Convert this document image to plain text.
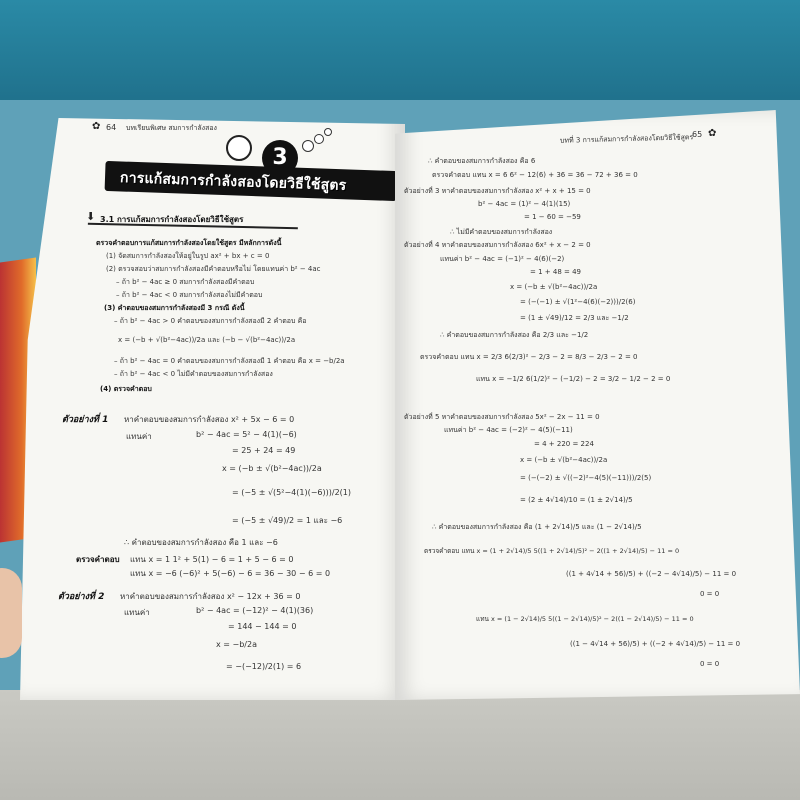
✿ 64 บทเรียนพิเศษ สมการกำลังสอง
3
การแก้สมการกำลังสองโดยวิธีใช้สูตร
⬇ 3.1 การแก้สมการกำลังสองโดยวิธีใช้สูตร
ตรวจคำตอบการแก้สมการกำลังสองโดยใช้สูตร มีหลักการดังนี้
(1) จัดสมการกำลังสองให้อยู่ในรูป ax² + bx + c = 0
(2) ตรวจสอบว่าสมการกำลังสองมีคำตอบหรือไม่ โดยแทนค่า b² − 4ac
– ถ้า b² − 4ac ≥ 0 สมการกำลังสองมีคำตอบ
– ถ้า b² − 4ac < 0 สมการกำลังสองไม่มีคำตอบ
(3) คำตอบของสมการกำลังสองมี 3 กรณี ดังนี้
– ถ้า b² − 4ac > 0 คำตอบของสมการกำลังสองมี 2 คำตอบ คือ
x = (−b + √(b²−4ac))/2a และ (−b − √(b²−4ac))/2a
– ถ้า b² − 4ac = 0 คำตอบของสมการกำลังสองมี 1 คำตอบ คือ x = −b/2a
– ถ้า b² − 4ac < 0 ไม่มีคำตอบของสมการกำลังสอง
(4) ตรวจคำตอบ
ตัวอย่างที่ 1 หาคำตอบของสมการกำลังสอง x² + 5x − 6 = 0
แทนค่า	b² − 4ac = 5² − 4(1)(−6)
= 25 + 24 = 49
x = (−b ± √(b²−4ac))/2a
= (−5 ± √(5²−4(1)(−6)))/2(1)
= (−5 ± √49)/2 = 1 และ −6
∴ คำตอบของสมการกำลังสอง คือ 1 และ −6
ตรวจคำตอบ แทน x = 1 1² + 5(1) − 6 = 1 + 5 − 6 = 0
แทน x = −6 (−6)² + 5(−6) − 6 = 36 − 30 − 6 = 0
ตัวอย่างที่ 2 หาคำตอบของสมการกำลังสอง x² − 12x + 36 = 0
แทนค่า	b² − 4ac = (−12)² − 4(1)(36)
= 144 − 144 = 0
x = −b/2a
= −(−12)/2(1) = 6
บทที่ 3 การแก้สมการกำลังสองโดยวิธีใช้สูตร
65 ✿
∴ คำตอบของสมการกำลังสอง คือ 6
ตรวจคำตอบ แทน x = 6 6² − 12(6) + 36 = 36 − 72 + 36 = 0
ตัวอย่างที่ 3 หาคำตอบของสมการกำลังสอง x² + x + 15 = 0
b² − 4ac = (1)² − 4(1)(15)
= 1 − 60 = −59
∴ ไม่มีคำตอบของสมการกำลังสอง
ตัวอย่างที่ 4 หาคำตอบของสมการกำลังสอง 6x² + x − 2 = 0
แทนค่า b² − 4ac = (−1)² − 4(6)(−2)
= 1 + 48 = 49
x = (−b ± √(b²−4ac))/2a
= (−(−1) ± √(1²−4(6)(−2)))/2(6)
= (1 ± √49)/12 = 2/3 และ −1/2
∴ คำตอบของสมการกำลังสอง คือ 2/3 และ −1/2
ตรวจคำตอบ แทน x = 2/3 6(2/3)² − 2/3 − 2 = 8/3 − 2/3 − 2 = 0
แทน x = −1/2 6(1/2)² − (−1/2) − 2 = 3/2 − 1/2 − 2 = 0
ตัวอย่างที่ 5 หาคำตอบของสมการกำลังสอง 5x² − 2x − 11 = 0
แทนค่า b² − 4ac = (−2)² − 4(5)(−11)
= 4 + 220 = 224
x = (−b ± √(b²−4ac))/2a
= (−(−2) ± √((−2)²−4(5)(−11)))/2(5)
= (2 ± 4√14)/10 = (1 ± 2√14)/5
∴ คำตอบของสมการกำลังสอง คือ (1 + 2√14)/5 และ (1 − 2√14)/5
ตรวจคำตอบ แทน x = (1 + 2√14)/5 5((1 + 2√14)/5)² − 2((1 + 2√14)/5) − 11 = 0
((1 + 4√14 + 56)/5) + ((−2 − 4√14)/5) − 11 = 0
0 = 0
แทน x = (1 − 2√14)/5 5((1 − 2√14)/5)² − 2((1 − 2√14)/5) − 11 = 0
((1 − 4√14 + 56)/5) + ((−2 + 4√14)/5) − 11 = 0
0 = 0
